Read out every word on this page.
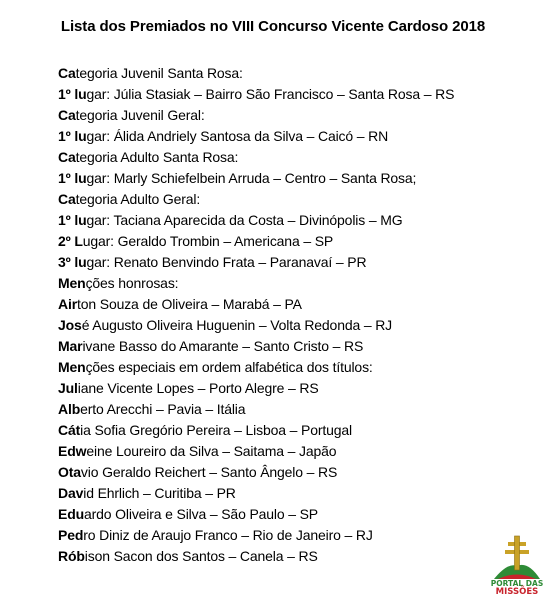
Lista dos Premiados no VIII Concurso Vicente Cardoso 2018
Categoria Juvenil Santa Rosa:
1º lugar: Júlia Stasiak – Bairro São Francisco – Santa Rosa – RS
Categoria Juvenil Geral:
1º lugar: Álida Andriely Santosa da Silva – Caicó – RN
Categoria Adulto Santa Rosa:
1º lugar: Marly Schiefelbein Arruda – Centro – Santa Rosa;
Categoria Adulto Geral:
1º lugar: Taciana Aparecida da Costa – Divinópolis – MG
2º Lugar: Geraldo Trombin – Americana – SP
3º lugar: Renato Benvindo Frata – Paranavaí – PR
Menções honrosas:
Airton Souza de Oliveira – Marabá – PA
José Augusto Oliveira Huguenin – Volta Redonda – RJ
Marivane Basso do Amarante – Santo Cristo – RS
Menções especiais em ordem alfabética dos títulos:
Juliane Vicente Lopes – Porto Alegre – RS
Alberto Arecchi – Pavia – Itália
Cátia Sofia Gregório Pereira – Lisboa – Portugal
Edweine Loureiro da Silva – Saitama – Japão
Otavio Geraldo Reichert – Santo Ângelo – RS
David Ehrlich – Curitiba – PR
Eduardo Oliveira e Silva – São Paulo – SP
Pedro Diniz de Araujo Franco – Rio de Janeiro – RJ
Róbison Sacon dos Santos – Canela – RS
PORTAL DAS
MISSÕES
